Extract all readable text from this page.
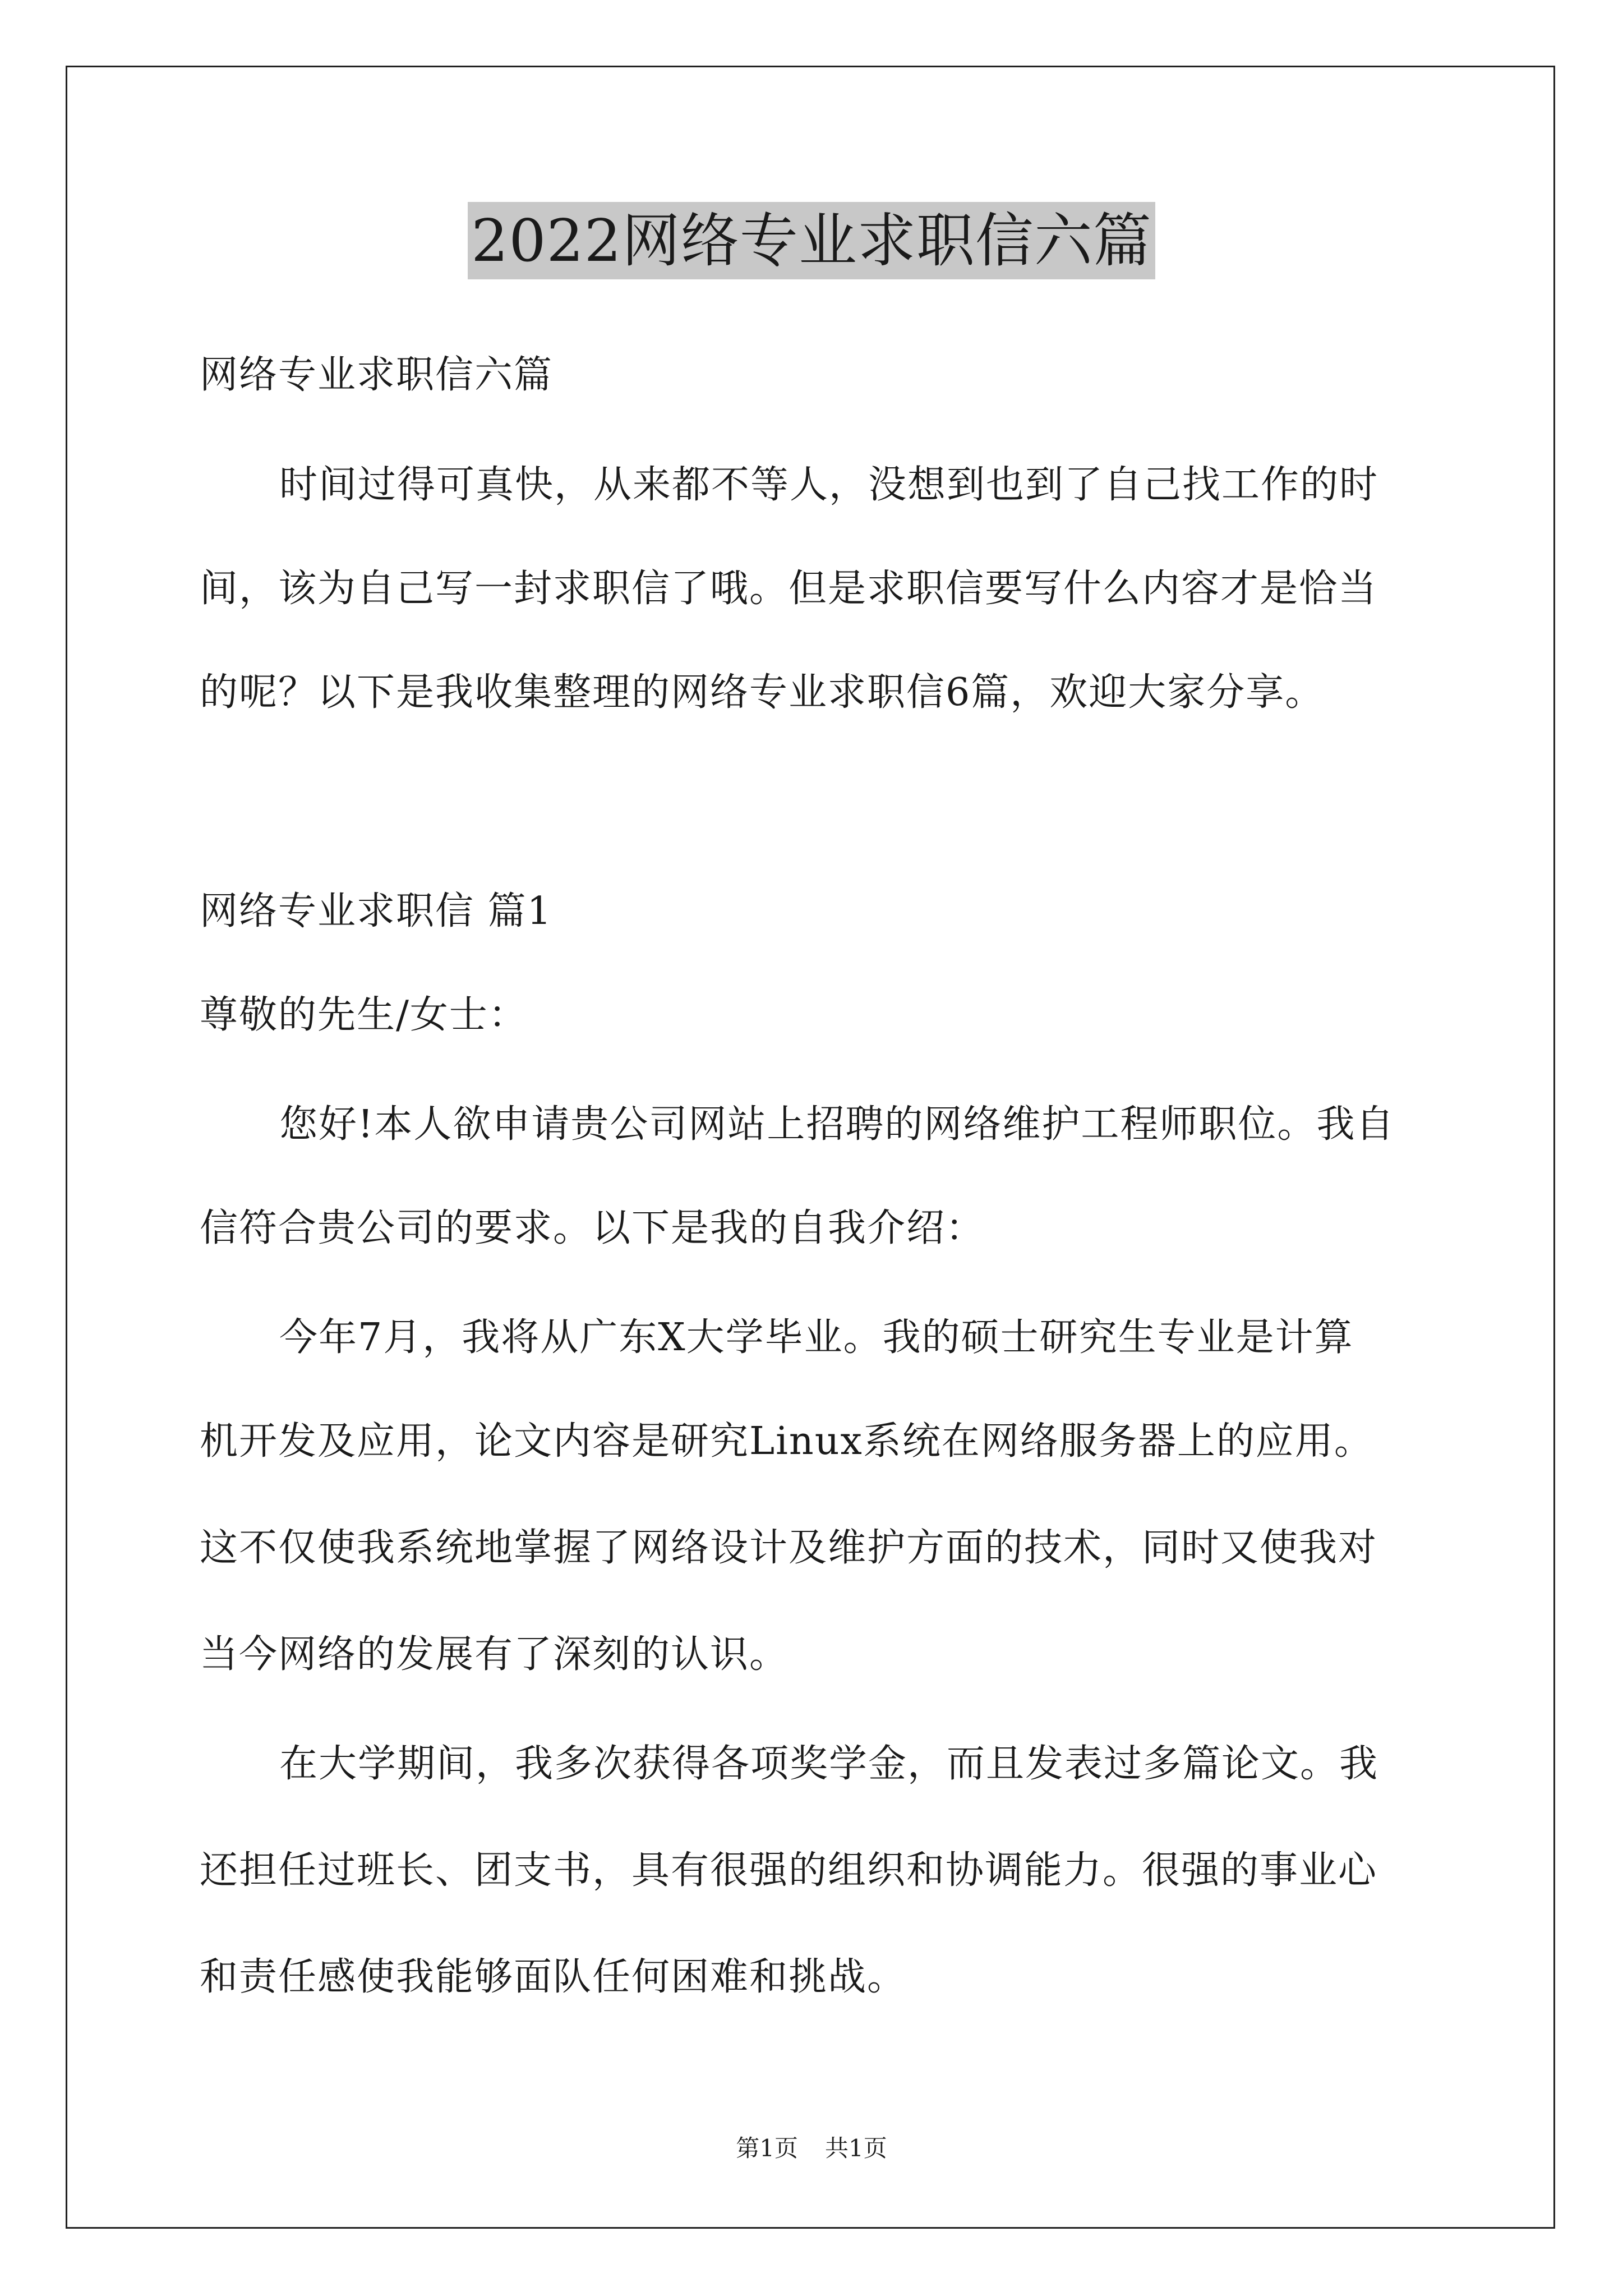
2022网络专业求职信六篇
网络专业求职信六篇
时间过得可真快，从来都不等人，没想到也到了自己找工作的时
间，该为自己写一封求职信了哦。但是求职信要写什么内容才是恰当
的呢？以下是我收集整理的网络专业求职信6篇，欢迎大家分享。
网络专业求职信 篇1
尊敬的先生/女士：
您好!本人欲申请贵公司网站上招聘的网络维护工程师职位。我自
信符合贵公司的要求。以下是我的自我介绍：
今年7月，我将从广东X大学毕业。我的硕士研究生专业是计算
机开发及应用，论文内容是研究Linux系统在网络服务器上的应用。
这不仅使我系统地掌握了网络设计及维护方面的技术，同时又使我对
当今网络的发展有了深刻的认识。
在大学期间，我多次获得各项奖学金，而且发表过多篇论文。我
还担任过班长、团支书，具有很强的组织和协调能力。很强的事业心
和责任感使我能够面队任何困难和挑战。
第1页 共1页
